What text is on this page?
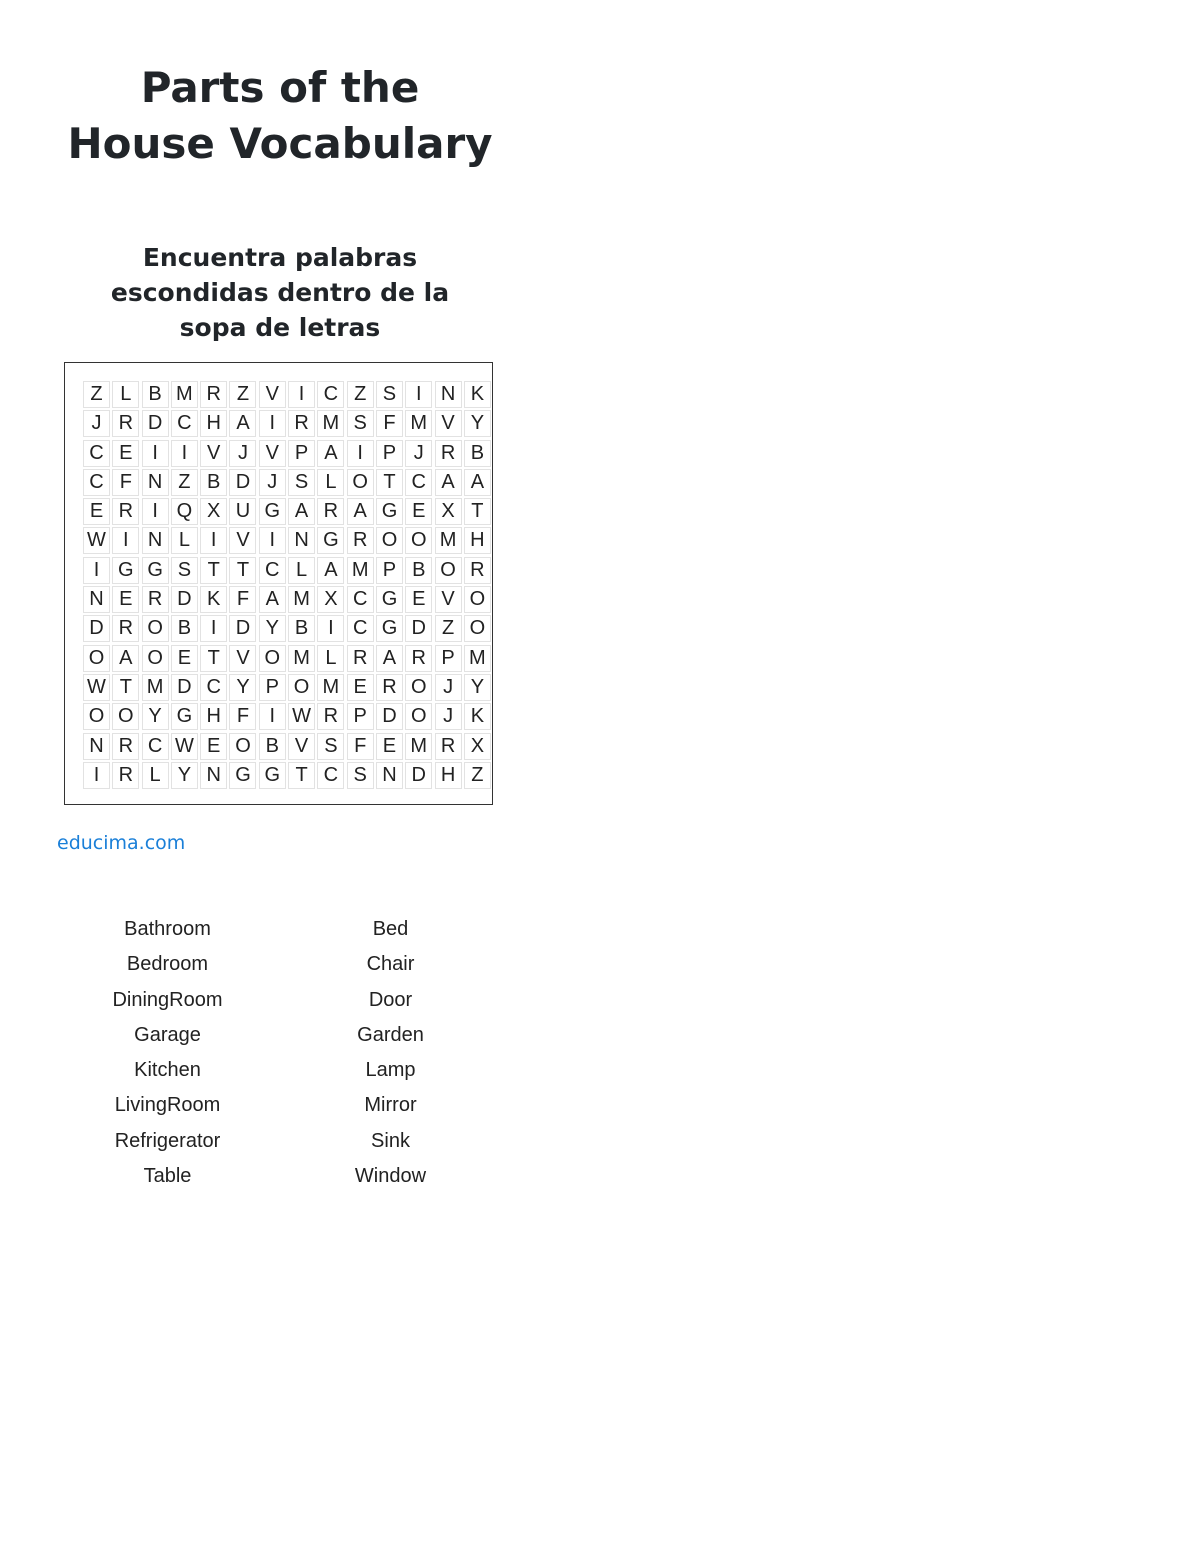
Parts of the House Vocabulary
Encuentra palabras escondidas dentro de la sopa de letras
Z L B M R Z V I C Z S I N K
J R D C H A I R M S F M V Y
C E I	I V J V P A I P J R B
C F N Z B D J S L O T C A A
E R I Q X U G A R A G E X T
W I N L	I V I N G R O O M H
I G G S T T C L A M P B O R
N E R D K F A M X C G E V O
D R O B I D Y B I C G D Z O
O A O E T V O M L R A R P M
W T M D C Y P O M E R O J Y
O O Y G H F	I W R P D O J K
N R C W E O B V S F E M R X
I R L Y N G G T C S N D H Z
educima.com
Bathroom	Bed
Bedroom	Chair
DiningRoom	Door
Garage	Garden
Kitchen	Lamp
LivingRoom	Mirror
Refrigerator	Sink
Table	Window
